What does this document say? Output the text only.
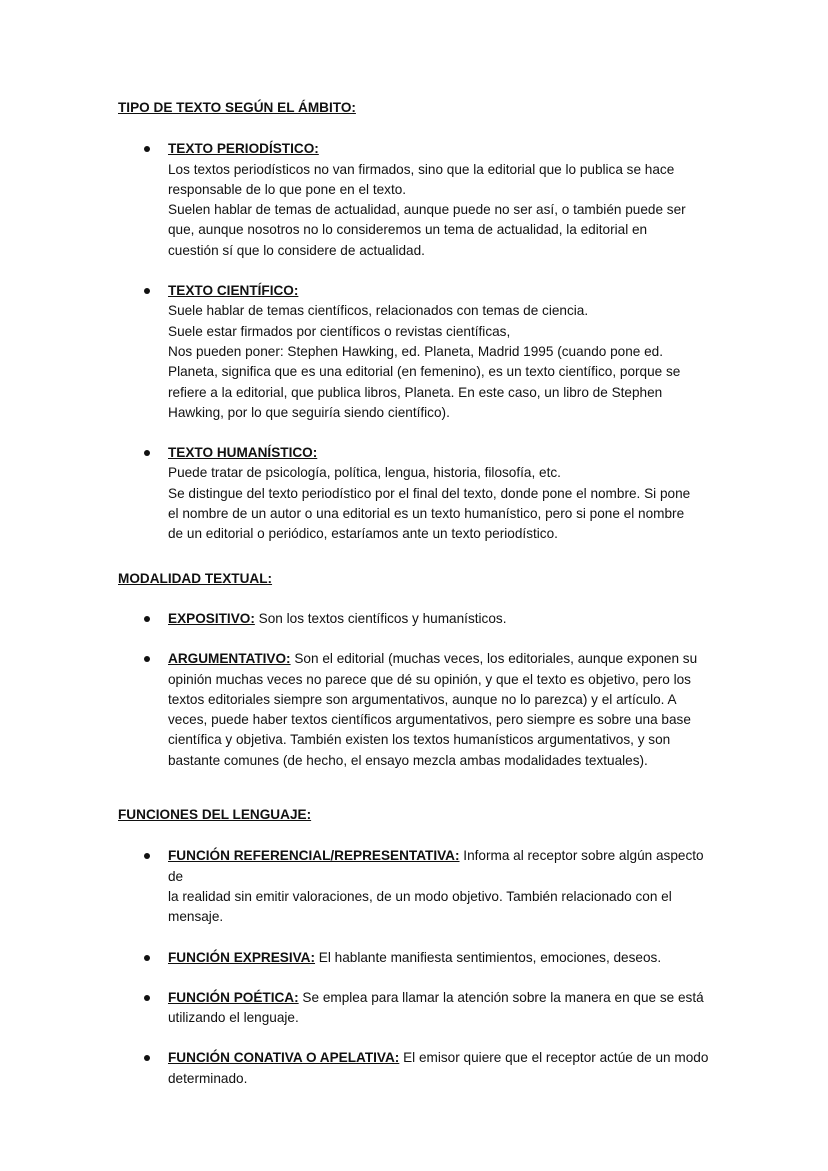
TIPO DE TEXTO SEGÚN EL ÁMBITO:
TEXTO PERIODÍSTICO:
Los textos periodísticos no van firmados, sino que la editorial que lo publica se hace
responsable de lo que pone en el texto.
Suelen hablar de temas de actualidad, aunque puede no ser así, o también puede ser
que, aunque nosotros no lo consideremos un tema de actualidad, la editorial en
cuestión sí que lo considere de actualidad.
TEXTO CIENTÍFICO:
Suele hablar de temas científicos, relacionados con temas de ciencia.
Suele estar firmados por científicos o revistas científicas,
Nos pueden poner: Stephen Hawking, ed. Planeta, Madrid 1995 (cuando pone ed.
Planeta, significa que es una editorial (en femenino), es un texto científico, porque se
refiere a la editorial, que publica libros, Planeta. En este caso, un libro de Stephen
Hawking, por lo que seguiría siendo científico).
TEXTO HUMANÍSTICO:
Puede tratar de psicología, política, lengua, historia, filosofía, etc.
Se distingue del texto periodístico por el final del texto, donde pone el nombre. Si pone
el nombre de un autor o una editorial es un texto humanístico, pero si pone el nombre
de un editorial o periódico, estaríamos ante un texto periodístico.
MODALIDAD TEXTUAL:
EXPOSITIVO: Son los textos científicos y humanísticos.
ARGUMENTATIVO: Son el editorial (muchas veces, los editoriales, aunque exponen su
opinión muchas veces no parece que dé su opinión, y que el texto es objetivo, pero los
textos editoriales siempre son argumentativos, aunque no lo parezca) y el artículo. A
veces, puede haber textos científicos argumentativos, pero siempre es sobre una base
científica y objetiva. También existen los textos humanísticos argumentativos, y son
bastante comunes (de hecho, el ensayo mezcla ambas modalidades textuales).
FUNCIONES DEL LENGUAJE:
FUNCIÓN REFERENCIAL/REPRESENTATIVA: Informa al receptor sobre algún aspecto de
la realidad sin emitir valoraciones, de un modo objetivo. También relacionado con el
mensaje.
FUNCIÓN EXPRESIVA: El hablante manifiesta sentimientos, emociones, deseos.
FUNCIÓN POÉTICA: Se emplea para llamar la atención sobre la manera en que se está
utilizando el lenguaje.
FUNCIÓN CONATIVA O APELATIVA: El emisor quiere que el receptor actúe de un modo
determinado.
